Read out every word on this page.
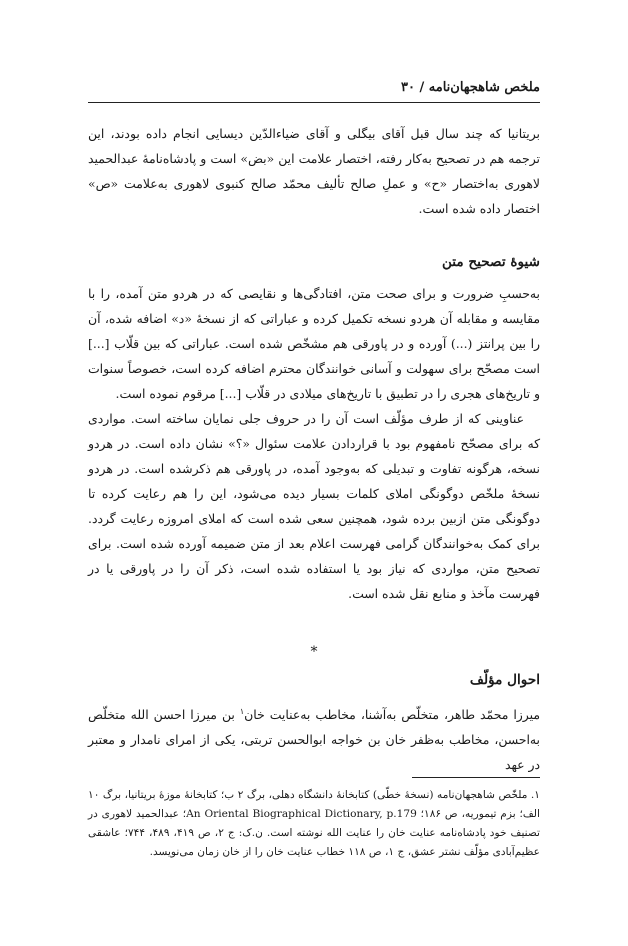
ملخص شاهجهان‌نامه / ۳۰

بریتانیا که چند سال قبل آقای بیگلی و آقای ضیاءالدّین دیسایی انجام داده بودند، این ترجمه هم در تصحیح به‌کار رفته، اختصار علامت این «بض» است و پادشاه‌نامهٔ عبدالحمید لاهوری به‌اختصار «ح» و عملِ صالح تألیف محمّد صالح کنبوی لاهوری به‌علامت «ص» اختصار داده شده است.

شیوهٔ تصحیح متن

به‌حسبِ ضرورت و برای صحت متن، افتادگی‌ها و نقایصی که در هردو متن آمده، را با مقایسه و مقابله آن هردو نسخه تکمیل کرده و عباراتی که از نسخهٔ «د» اضافه شده، آن را بین پرانتز (...) آورده و در پاورقی هم مشخّص شده است. عباراتی که بین قلّاب [...] است مصحّح برای سهولت و آسانی خوانندگان محترم اضافه کرده است، خصوصاً سنوات و تاریخ‌های هجری را در تطبیق با تاریخ‌های میلادی در قلّاب [...] مرقوم نموده است.

عناوینی که از طرف مؤلّف است آن را در حروف جلی نمایان ساخته است. مواردی که برای مصحّح نامفهوم بود با قراردادن علامت سئوال «؟» نشان داده است. در هردو نسخه، هرگونه تفاوت و تبدیلی که به‌وجود آمده، در پاورقی هم ذکرشده است. در هردو نسخهٔ ملخّص دوگونگی املای کلمات بسیار دیده می‌شود، این را هم رعایت کرده تا دوگونگی متن ازبین برده شود، همچنین سعی شده است که املای امروزه رعایت گردد. برای کمک به‌خوانندگان گرامی فهرست اعلام بعد از متن ضمیمه آورده شده است. برای تصحیح متن، مواردی که نیاز بود یا استفاده شده است، ذکر آن را در پاورقی یا در فهرست مآخذ و منابع نقل شده است.

*
احوال مؤلّف

میرزا محمّد طاهر، متخلّص به‌آشنا، مخاطب به‌عنایت خان$^۱$ بن میرزا احسن الله متخلّص به‌احسن، مخاطب به‌ظفر خان بن خواجه ابوالحسن تربتی، یکی از امرای نامدار و معتبر در عهد

۱. ملخّص شاهجهان‌نامه (نسخهٔ خطّی) کتابخانهٔ دانشگاه دهلی، برگ ۲ ب؛ کتابخانهٔ موزهٔ بریتانیا، برگ ۱۰ الف؛ بزم تیموریه، ص ۱۸۶؛ An Oriental Biographical Dictionary, p.179؛ عبدالحمید لاهوری در تصنیف خود پادشاه‌نامه عنایت خان را عنایت الله نوشته است. ن.ک: ج ۲، ص ۴۱۹، ۴۸۹، ۷۴۴؛ عاشقی عظیم‌آبادی مؤلّف نشتر عشق، ج ۱، ص ۱۱۸ خطاب عنایت خان را از خان زمان می‌نویسد.
